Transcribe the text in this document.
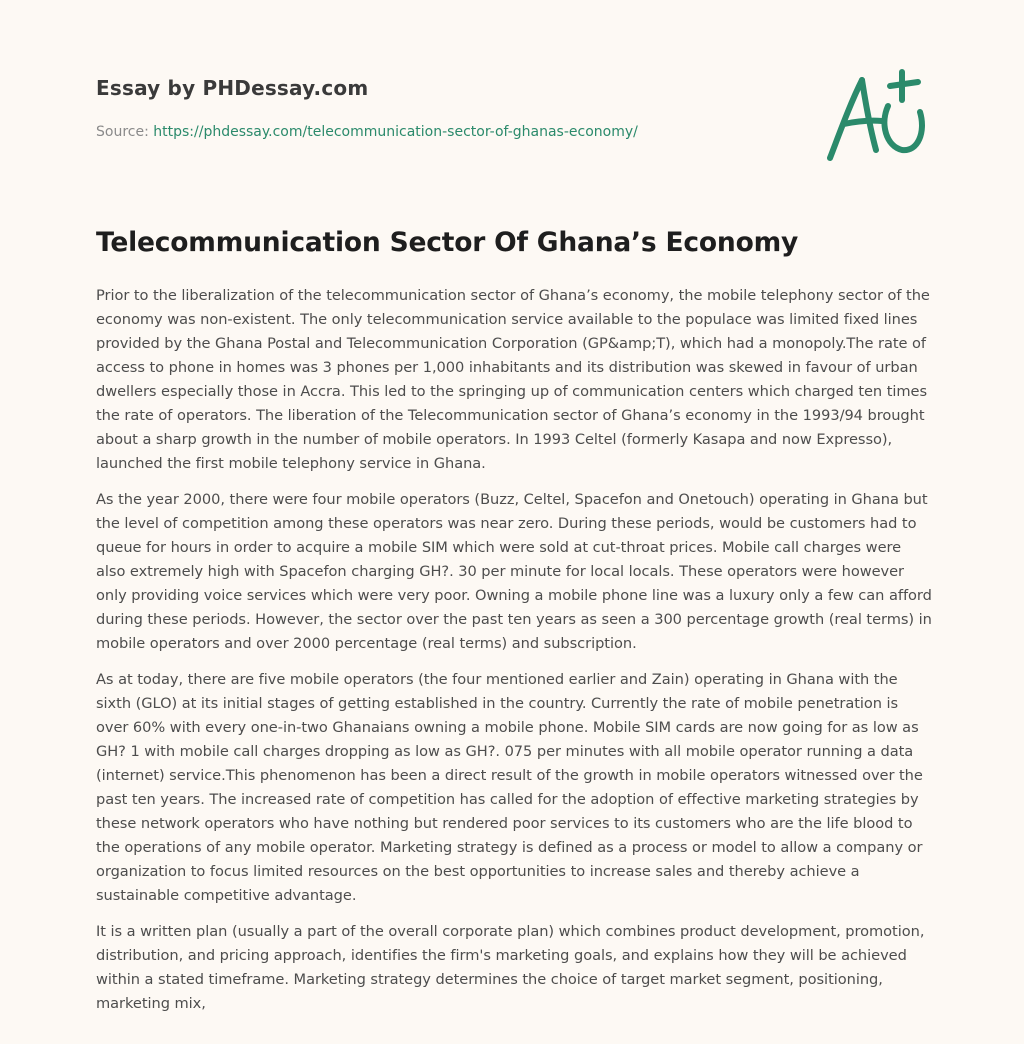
Essay by PHDessay.com
Source: https://phdessay.com/telecommunication-sector-of-ghanas-economy/
Telecommunication Sector Of Ghana’s Economy

Prior to the liberalization of the telecommunication sector of Ghana’s economy, the mobile telephony sector of the economy was non-existent. The only telecommunication service available to the populace was limited fixed lines provided by the Ghana Postal and Telecommunication Corporation (GP&amp;T), which had a monopoly.The rate of access to phone in homes was 3 phones per 1,000 inhabitants and its distribution was skewed in favour of urban dwellers especially those in Accra. This led to the springing up of communication centers which charged ten times the rate of operators. The liberation of the Telecommunication sector of Ghana’s economy in the 1993/94 brought about a sharp growth in the number of mobile operators. In 1993 Celtel (formerly Kasapa and now Expresso), launched the first mobile telephony service in Ghana.

As the year 2000, there were four mobile operators (Buzz, Celtel, Spacefon and Onetouch) operating in Ghana but the level of competition among these operators was near zero. During these periods, would be customers had to queue for hours in order to acquire a mobile SIM which were sold at cut-throat prices. Mobile call charges were also extremely high with Spacefon charging GH?. 30 per minute for local locals. These operators were however only providing voice services which were very poor. Owning a mobile phone line was a luxury only a few can afford during these periods. However, the sector over the past ten years as seen a 300 percentage growth (real terms) in mobile operators and over 2000 percentage (real terms) and subscription.

As at today, there are five mobile operators (the four mentioned earlier and Zain) operating in Ghana with the sixth (GLO) at its initial stages of getting established in the country. Currently the rate of mobile penetration is over 60% with every one-in-two Ghanaians owning a mobile phone. Mobile SIM cards are now going for as low as GH? 1 with mobile call charges dropping as low as GH?. 075 per minutes with all mobile operator running a data (internet) service.This phenomenon has been a direct result of the growth in mobile operators witnessed over the past ten years. The increased rate of competition has called for the adoption of effective marketing strategies by these network operators who have nothing but rendered poor services to its customers who are the life blood to the operations of any mobile operator. Marketing strategy is defined as a process or model to allow a company or organization to focus limited resources on the best opportunities to increase sales and thereby achieve a sustainable competitive advantage.

It is a written plan (usually a part of the overall corporate plan) which combines product development, promotion, distribution, and pricing approach, identifies the firm's marketing goals, and explains how they will be achieved within a stated timeframe. Marketing strategy determines the choice of target market segment, positioning, marketing mix,
